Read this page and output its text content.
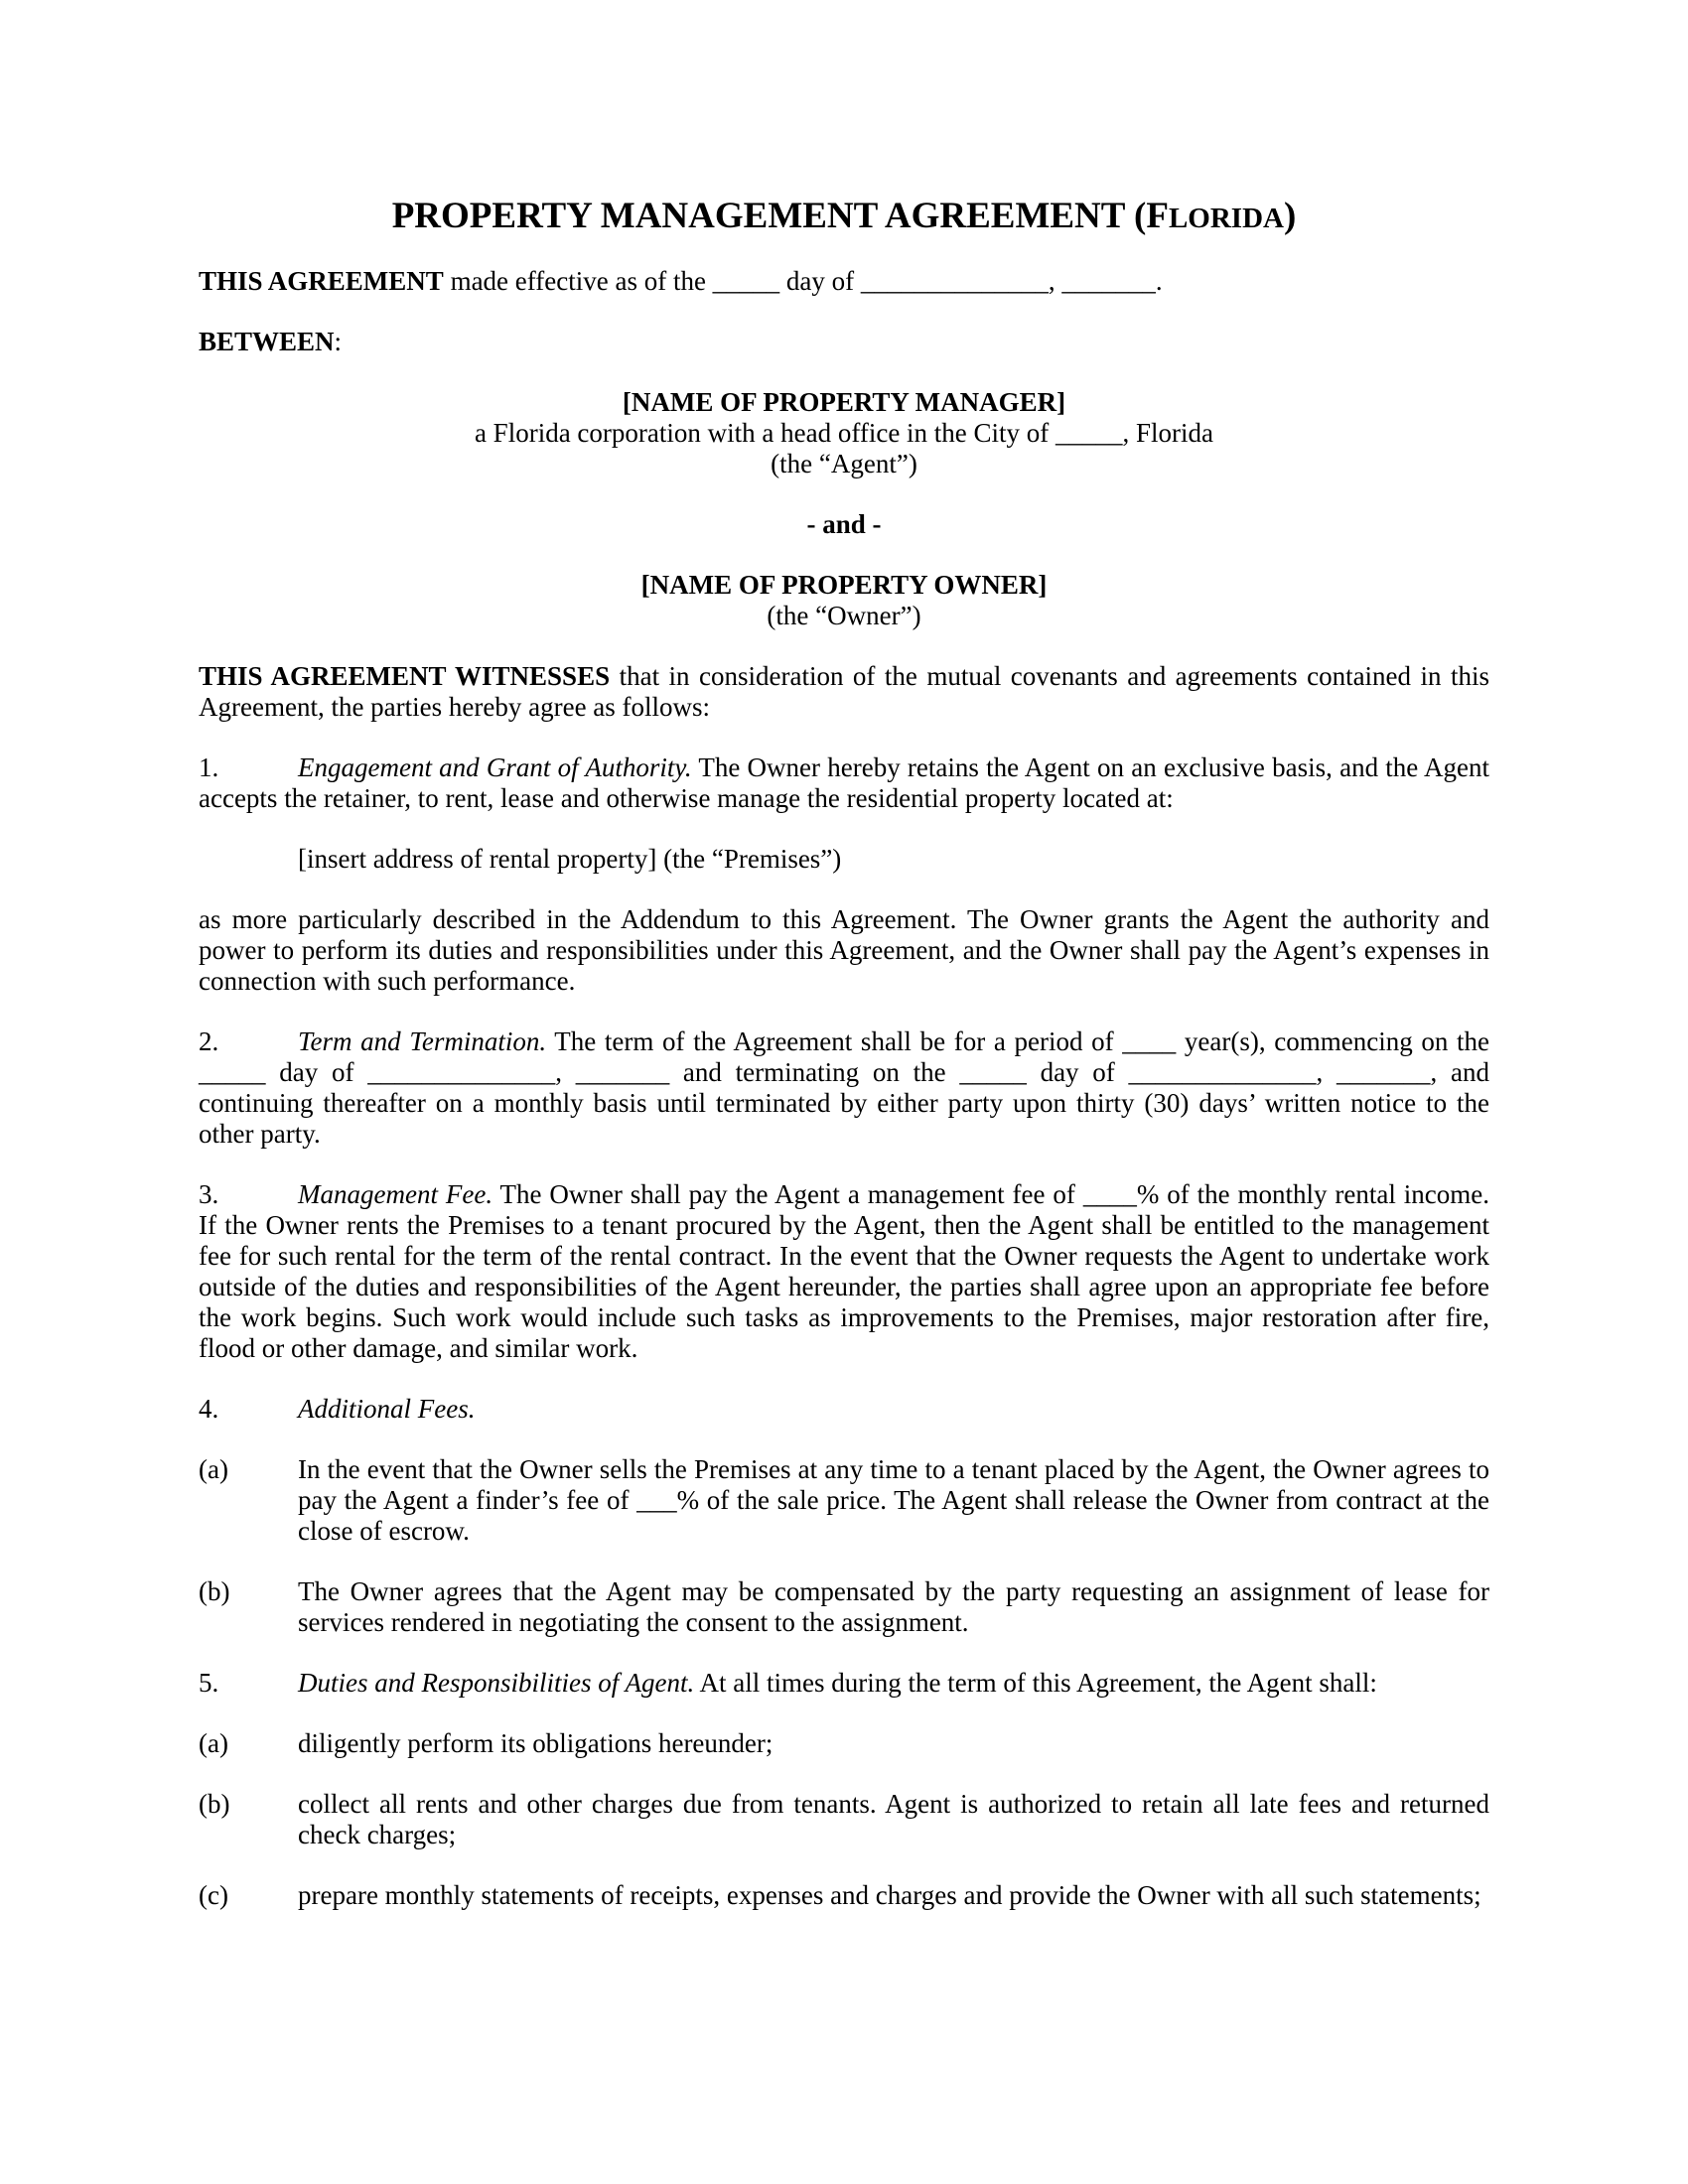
PROPERTY MANAGEMENT AGREEMENT (FLORIDA)
THIS AGREEMENT made effective as of the _____ day of ______________, _______.
BETWEEN:
[NAME OF PROPERTY MANAGER]
a Florida corporation with a head office in the City of _____, Florida
(the “Agent”)
- and -
[NAME OF PROPERTY OWNER]
(the “Owner”)
THIS AGREEMENT WITNESSES that in consideration of the mutual covenants and agreements contained in this Agreement, the parties hereby agree as follows:
1.	Engagement and Grant of Authority. The Owner hereby retains the Agent on an exclusive basis, and the Agent accepts the retainer, to rent, lease and otherwise manage the residential property located at:
[insert address of rental property] (the “Premises”)
as more particularly described in the Addendum to this Agreement. The Owner grants the Agent the authority and power to perform its duties and responsibilities under this Agreement, and the Owner shall pay the Agent’s expenses in connection with such performance.
2.	Term and Termination. The term of the Agreement shall be for a period of ____ year(s), commencing on the _____ day of ______________, _______ and terminating on the _____ day of ______________, _______, and continuing thereafter on a monthly basis until terminated by either party upon thirty (30) days’ written notice to the other party.
3.	Management Fee. The Owner shall pay the Agent a management fee of ____% of the monthly rental income. If the Owner rents the Premises to a tenant procured by the Agent, then the Agent shall be entitled to the management fee for such rental for the term of the rental contract. In the event that the Owner requests the Agent to undertake work outside of the duties and responsibilities of the Agent hereunder, the parties shall agree upon an appropriate fee before the work begins. Such work would include such tasks as improvements to the Premises, major restoration after fire, flood or other damage, and similar work.
4.	Additional Fees.
(a)	In the event that the Owner sells the Premises at any time to a tenant placed by the Agent, the Owner agrees to pay the Agent a finder’s fee of ___% of the sale price. The Agent shall release the Owner from contract at the close of escrow.
(b)	The Owner agrees that the Agent may be compensated by the party requesting an assignment of lease for services rendered in negotiating the consent to the assignment.
5.	Duties and Responsibilities of Agent. At all times during the term of this Agreement, the Agent shall:
(a)	diligently perform its obligations hereunder;
(b)	collect all rents and other charges due from tenants. Agent is authorized to retain all late fees and returned check charges;
(c)	prepare monthly statements of receipts, expenses and charges and provide the Owner with all such statements;
